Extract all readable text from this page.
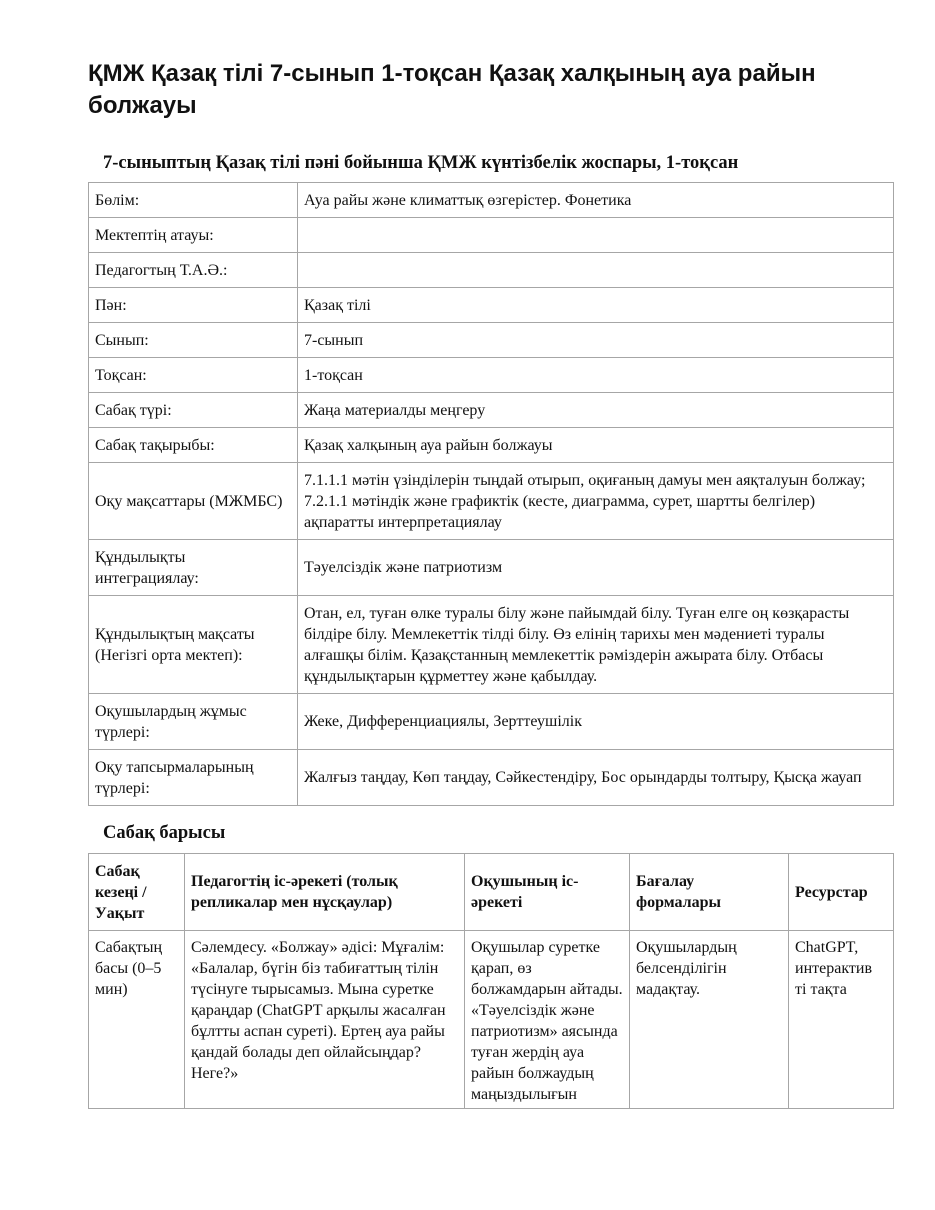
ҚМЖ Қазақ тілі 7-сынып 1-тоқсан Қазақ халқының ауа райын болжауы
7-сыныптың Қазақ тілі пәні бойынша ҚМЖ күнтізбелік жоспары, 1-тоқсан
Бөлім:	Ауа райы және климаттық өзгерістер. Фонетика
Мектептің атауы:	
Педагогтың Т.А.Ә.:	
Пән:	Қазақ тілі
Сынып:	7-сынып
Тоқсан:	1-тоқсан
Сабақ түрі:	Жаңа материалды меңгеру
Сабақ тақырыбы:	Қазақ халқының ауа райын болжауы
Оқу мақсаттары (МЖМБС)	7.1.1.1 мәтін үзінділерін тыңдай отырып, оқиғаның дамуы мен аяқталуын болжау; 7.2.1.1 мәтіндік және графиктік (кесте, диаграмма, сурет, шартты белгілер) ақпаратты интерпретациялау
Құндылықты интеграциялау:	Тәуелсіздік және патриотизм
Құндылықтың мақсаты (Негізгі орта мектеп):	Отан, ел, туған өлке туралы білу және пайымдай білу. Туған елге оң көзқарасты білдіре білу. Мемлекеттік тілді білу. Өз елінің тарихы мен мәдениеті туралы алғашқы білім. Қазақстанның мемлекеттік рәміздерін ажырата білу. Отбасы құндылықтарын құрметтеу және қабылдау.
Оқушылардың жұмыс түрлері:	Жеке, Дифференциациялы, Зерттеушілік
Оқу тапсырмаларының түрлері:	Жалғыз таңдау, Көп таңдау, Сәйкестендіру, Бос орындарды толтыру, Қысқа жауап
Сабақ барысы
Сабақ кезеңі / Уақыт	Педагогтің іс-әрекеті (толық репликалар мен нұсқаулар)	Оқушының іс-әрекеті	Бағалау формалары	Ресурстар
Сабақтың басы (0–5 мин)	Сәлемдесу. «Болжау» әдісі: Мұғалім: «Балалар, бүгін біз табиғаттың тілін түсінуге тырысамыз. Мына суретке қараңдар (ChatGPT арқылы жасалған бұлтты аспан суреті). Ертең ауа райы қандай болады деп ойлайсыңдар? Неге?»	Оқушылар суретке қарап, өз болжамдарын айтады. «Тәуелсіздік және патриотизм» аясында туған жердің ауа райын болжаудың маңыздылығын	Оқушылардың белсенділігін мадақтау.	ChatGPT, интерактив ті тақта
